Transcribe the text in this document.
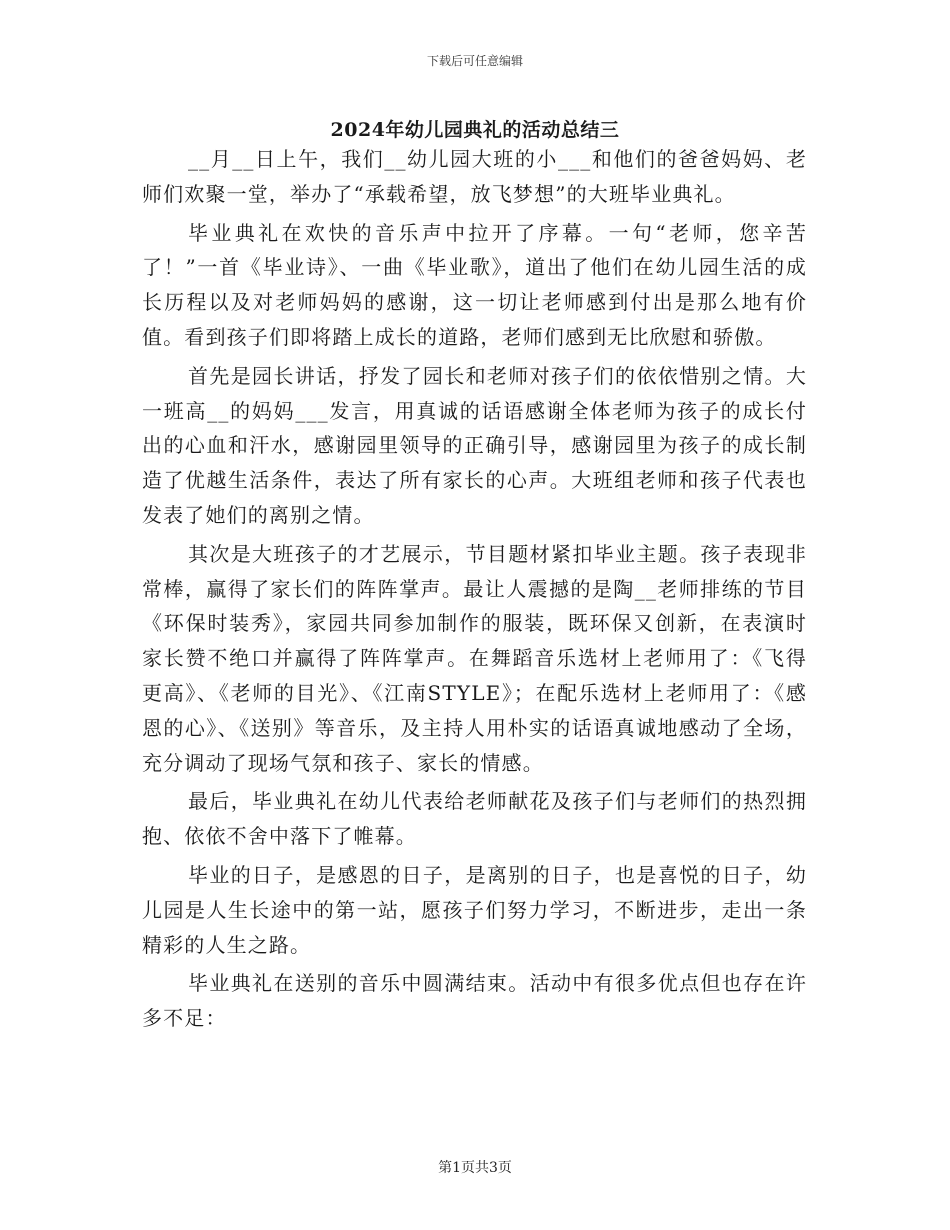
下载后可任意编辑
2024年幼儿园典礼的活动总结三

__月__日上午，我们__幼儿园大班的小___和他们的爸爸妈妈、老师们欢聚一堂，举办了“承载希望，放飞梦想”的大班毕业典礼。

毕业典礼在欢快的音乐声中拉开了序幕。一句“老师，您辛苦了！”一首《毕业诗》、一曲《毕业歌》，道出了他们在幼儿园生活的成长历程以及对老师妈妈的感谢，这一切让老师感到付出是那么地有价值。看到孩子们即将踏上成长的道路，老师们感到无比欣慰和骄傲。

首先是园长讲话，抒发了园长和老师对孩子们的依依惜别之情。大一班高__的妈妈___发言，用真诚的话语感谢全体老师为孩子的成长付出的心血和汗水，感谢园里领导的正确引导，感谢园里为孩子的成长制造了优越生活条件，表达了所有家长的心声。大班组老师和孩子代表也发表了她们的离别之情。

其次是大班孩子的才艺展示，节目题材紧扣毕业主题。孩子表现非常棒，赢得了家长们的阵阵掌声。最让人震撼的是陶__老师排练的节目《环保时装秀》，家园共同参加制作的服装，既环保又创新，在表演时家长赞不绝口并赢得了阵阵掌声。在舞蹈音乐选材上老师用了：《飞得更高》、《老师的目光》、《江南STYLE》；在配乐选材上老师用了：《感恩的心》、《送别》等音乐，及主持人用朴实的话语真诚地感动了全场，充分调动了现场气氛和孩子、家长的情感。

最后，毕业典礼在幼儿代表给老师献花及孩子们与老师们的热烈拥抱、依依不舍中落下了帷幕。

毕业的日子，是感恩的日子，是离别的日子，也是喜悦的日子，幼儿园是人生长途中的第一站，愿孩子们努力学习，不断进步，走出一条精彩的人生之路。

毕业典礼在送别的音乐中圆满结束。活动中有很多优点但也存在许多不足：

第1页共3页
